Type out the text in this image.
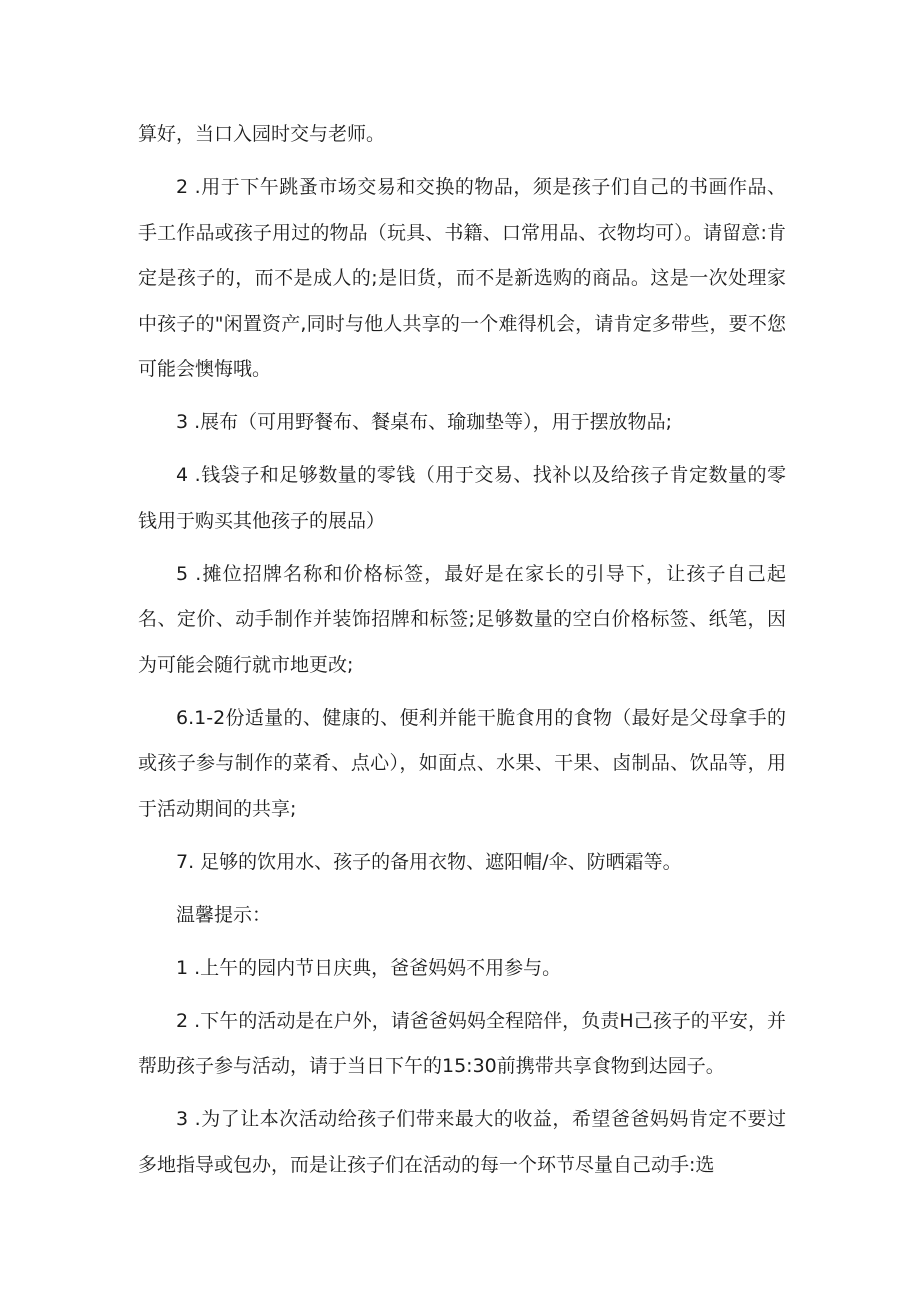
算好，当口入园时交与老师。

2 .用于下午跳蚤市场交易和交换的物品，须是孩子们自己的书画作品、手工作品或孩子用过的物品（玩具、书籍、口常用品、衣物均可）。请留意:肯定是孩子的，而不是成人的;是旧货，而不是新选购的商品。这是一次处理家中孩子的"闲置资产,同时与他人共享的一个难得机会，请肯定多带些，要不您可能会懊悔哦。

3 .展布（可用野餐布、餐桌布、瑜珈垫等），用于摆放物品;

4 .钱袋子和足够数量的零钱（用于交易、找补以及给孩子肯定数量的零钱用于购买其他孩子的展品）

5 .摊位招牌名称和价格标签，最好是在家长的引导下，让孩子自己起名、定价、动手制作并装饰招牌和标签;足够数量的空白价格标签、纸笔，因为可能会随行就市地更改;

6.1-2份适量的、健康的、便利并能干脆食用的食物（最好是父母拿手的或孩子参与制作的菜肴、点心），如面点、水果、干果、卤制品、饮品等，用于活动期间的共享;

7. 足够的饮用水、孩子的备用衣物、遮阳帽/伞、防晒霜等。

温馨提示：

1 .上午的园内节日庆典，爸爸妈妈不用参与。

2 .下午的活动是在户外，请爸爸妈妈全程陪伴，负责H己孩子的平安，并帮助孩子参与活动，请于当日下午的15:30前携带共享食物到达园子。

3 .为了让本次活动给孩子们带来最大的收益，希望爸爸妈妈肯定不要过多地指导或包办，而是让孩子们在活动的每一个环节尽量自己动手:选
